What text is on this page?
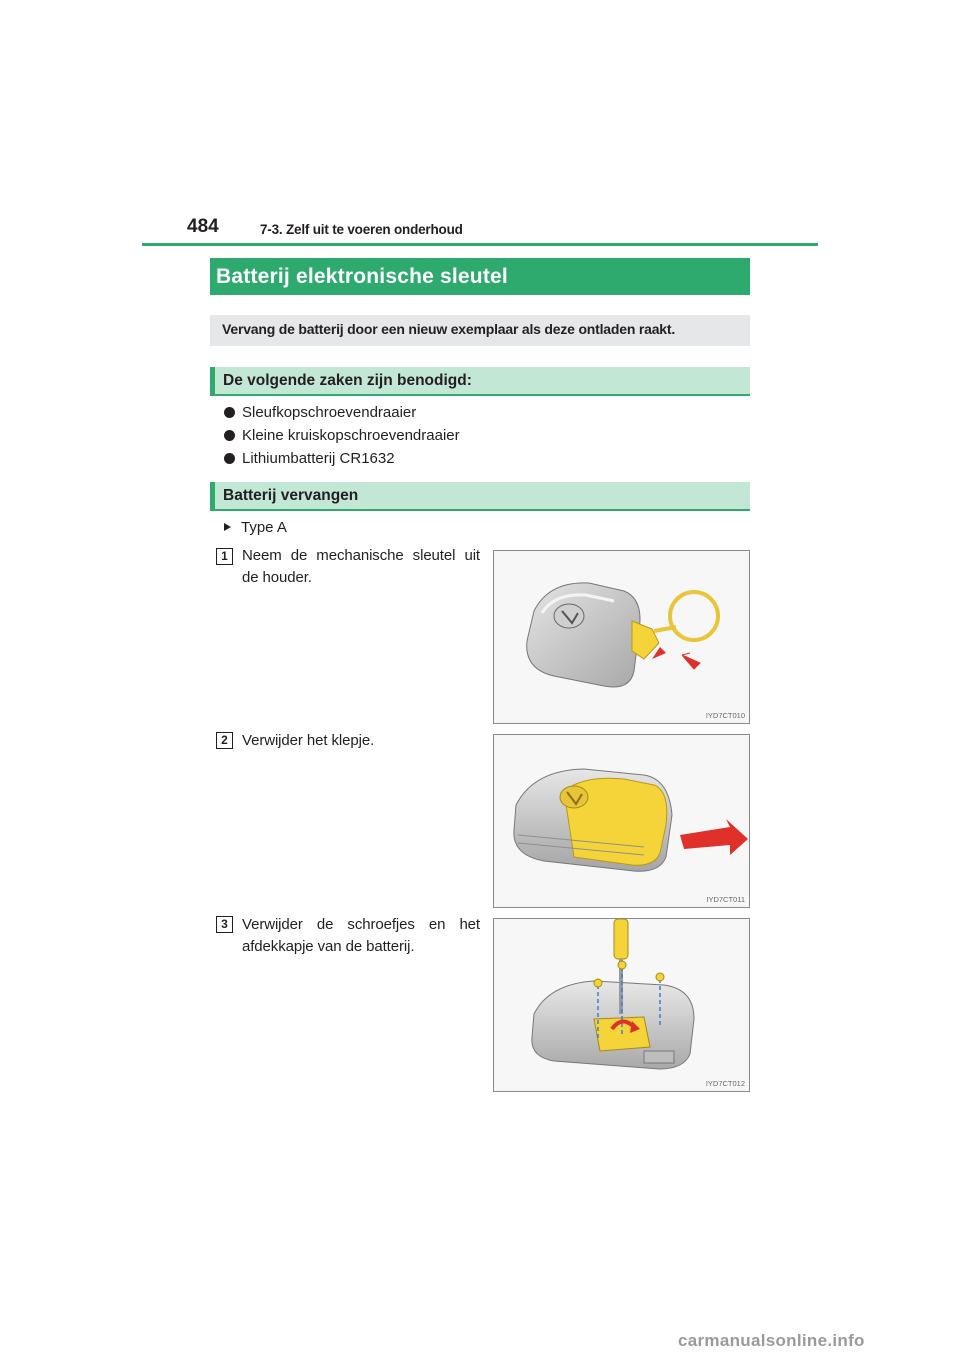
484	7-3. Zelf uit te voeren onderhoud
Batterij elektronische sleutel
Vervang de batterij door een nieuw exemplaar als deze ontladen raakt.
De volgende zaken zijn benodigd:
Sleufkopschroevendraaier
Kleine kruiskopschroevendraaier
Lithiumbatterij CR1632
Batterij vervangen
Type A
1 Neem de mechanische sleutel uit de houder.
IYD7CT010
2 Verwijder het klepje.
IYD7CT011
3 Verwijder de schroefjes en het afdekkapje van de batterij.
IYD7CT012
carmanualsonline.info
